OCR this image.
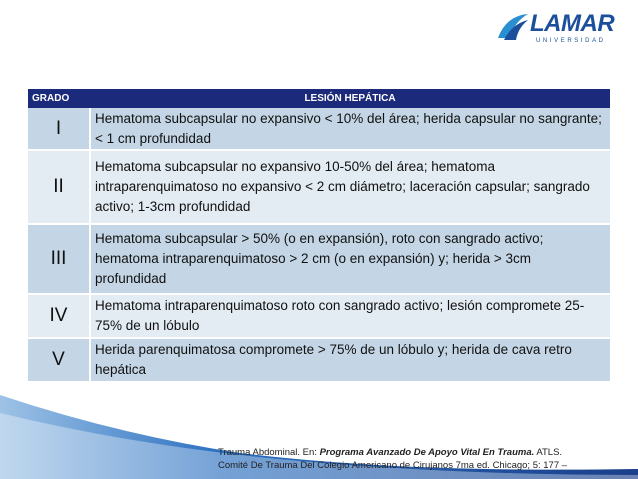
LAMAR
UNIVERSIDAD
GRADO	LESIÓN HEPÁTICA
I	Hematoma subcapsular no expansivo < 10% del área; herida capsular no sangrante; < 1 cm profundidad
II	Hematoma subcapsular no expansivo 10-50% del área; hematoma intraparenquimatoso no expansivo < 2 cm diámetro; laceración capsular; sangrado activo; 1-3cm profundidad
III	Hematoma subcapsular > 50% (o en expansión), roto con sangrado activo; hematoma intraparenquimatoso > 2 cm (o en expansión) y; herida > 3cm profundidad
IV	Hematoma intraparenquimatoso roto con sangrado activo; lesión compromete 25-75% de un lóbulo
V	Herida parenquimatosa compromete > 75% de un lóbulo y; herida de cava retro hepática
Trauma Abdominal. En: Programa Avanzado De Apoyo Vital En Trauma. ATLS.
Comité De Trauma Del Colegio Americano de Cirujanos 7ma ed. Chicago; 5: 177 –
